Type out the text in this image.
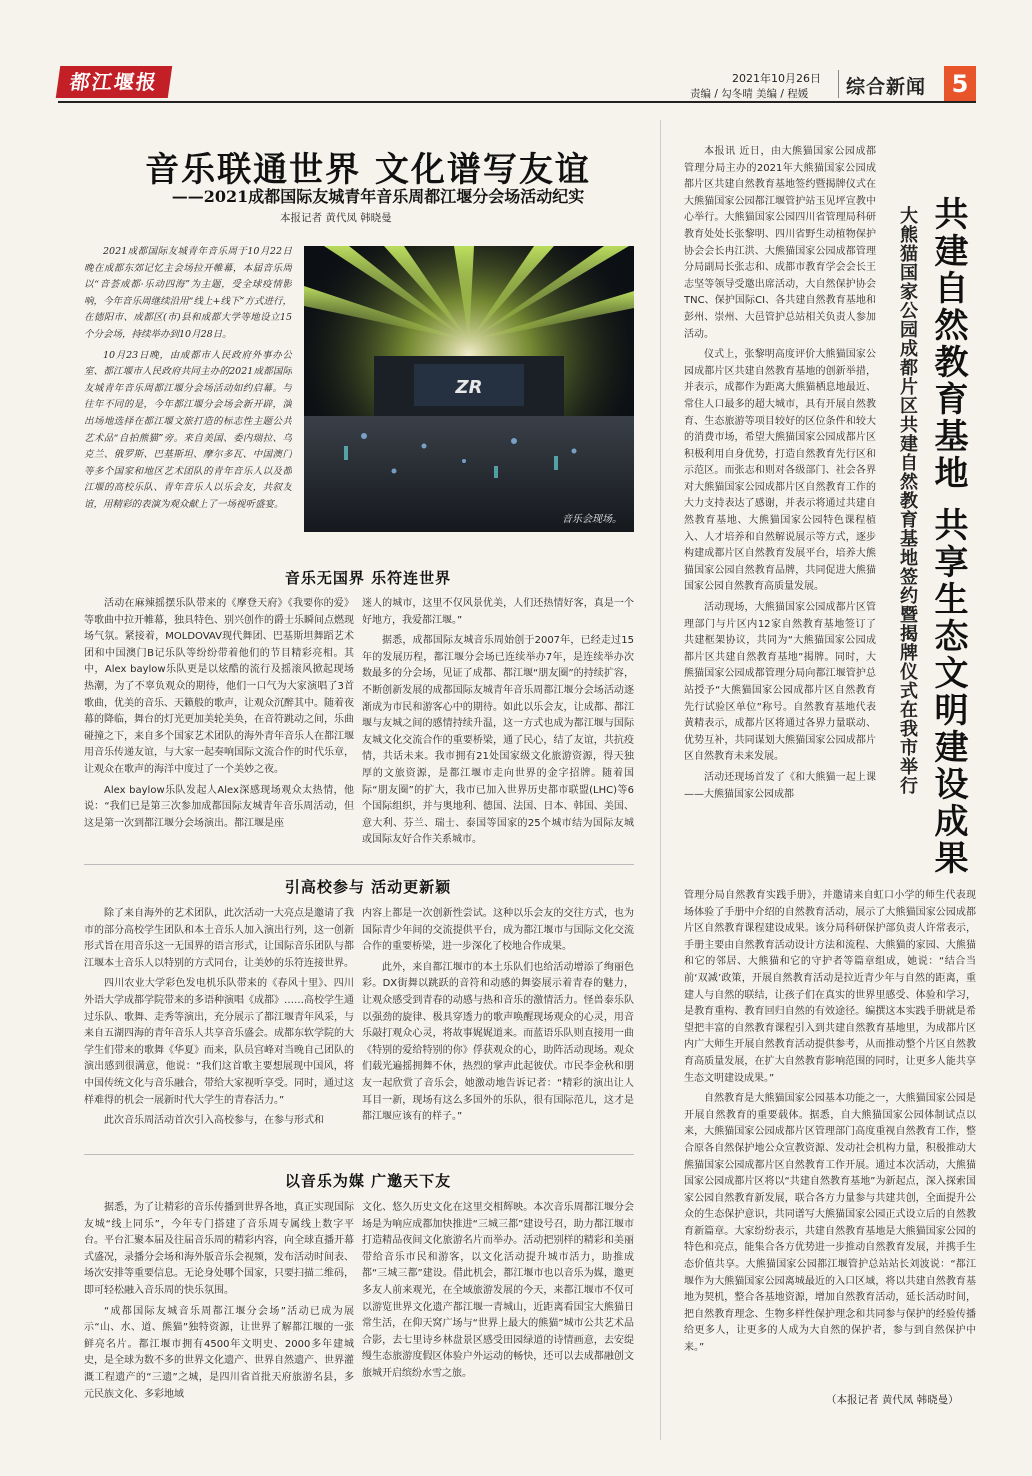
都江堰报	2021年10月26日
责编 / 勾冬晴 美编 / 程媛 综合新闻	5
音乐联通世界 文化谱写友谊
——2021成都国际友城青年音乐周都江堰分会场活动纪实
本报记者 黄代凤 韩晓曼

2021成都国际友城青年音乐周于10月22日晚在成都东郊记忆主会场拉开帷幕，本届音乐周以“音荟成都·乐动四海”为主题，受全球疫情影响，今年音乐周继续沿用“线上+线下”方式进行，在德阳市、成都区(市)县和成都大学等地设立15个分会场，持续举办到10月28日。

10月23日晚，由成都市人民政府外事办公室、都江堰市人民政府共同主办的2021成都国际友城青年音乐周都江堰分会场活动如约启幕。与往年不同的是，今年都江堰分会场会新开辟，演出场地选择在都江堰文旅打造的标志性主题公共艺术品“自拍熊猫”旁。来自美国、委内瑞拉、乌克兰、俄罗斯、巴基斯坦、摩尔多瓦、中国澳门等多个国家和地区艺术团队的青年音乐人以及都江堰的高校乐队、青年音乐人以乐会友，共叙友谊，用精彩的表演为观众献上了一场视听盛宴。

ZR
音乐会现场。
音乐无国界 乐符连世界

活动在麻辣摇摆乐队带来的《摩登天府》《我要你的爱》等歌曲中拉开帷幕，独具特色、别兴创作的爵士乐瞬间点燃现场气氛。紧接着，MOLDOVAV现代舞团、巴基斯坦舞蹈艺术团和中国澳门B记乐队等纷纷带着他们的节目精彩亮相。其中，Alex baylow乐队更是以炫酷的流行及摇滚风掀起现场热潮，为了不辜负观众的期待，他们一口气为大家演唱了3首歌曲，优美的音乐、天籁般的歌声，让观众沉醉其中。随着夜幕的降临，舞台的灯光更加美轮美奂，在音符跳动之间，乐曲碰撞之下，来自多个国家艺术团队的海外青年音乐人在都江堰用音乐传递友谊，与大家一起奏响国际文流合作的时代乐章，让观众在歌声的海洋中度过了一个美妙之夜。

Alex baylow乐队发起人Alex深感现场观众太热情，他说：“我们已是第三次参加成都国际友城青年音乐周活动，但这是第一次到都江堰分会场演出。都江堰是座

迷人的城市，这里不仅风景优美，人们还热情好客，真是一个好地方，我爱都江堰。”

据悉，成都国际友城音乐周始创于2007年，已经走过15年的发展历程，都江堰分会场已连续举办7年，是连续举办次数最多的分会场，见证了成都、都江堰“朋友圈”的持续扩容，不断创新发展的成都国际友城青年音乐周都江堰分会场活动逐渐成为市民和游客心中的期待。如此以乐会友，让成都、都江堰与友城之间的感情持续升温，这一方式也成为都江堰与国际友城文化交流合作的重要桥梁，通了民心，结了友谊，共抗疫情，共话未来。我市拥有21处国家级文化旅游资源，得天独厚的文旅资源，是都江堰市走向世界的金字招牌。随着国际“朋友圈”的扩大，我市已加入世界历史都市联盟(LHC)等6个国际组织，并与奥地利、德国、法国、日本、韩国、美国、意大利、芬兰、瑞士、泰国等国家的25个城市结为国际友城或国际友好合作关系城市。

引高校参与 活动更新颖

除了来自海外的艺术团队，此次活动一大亮点是邀请了我市的部分高校学生团队和本土音乐人加入演出行列，这一创新形式旨在用音乐这一无国界的语言形式，让国际音乐团队与都江堰本土音乐人以特别的方式同台，让美妙的乐符连接世界。

四川农业大学彩色发电机乐队带来的《春风十里》、四川外语大学成都学院带来的多语种演唱《成都》……高校学生通过乐队、歌舞、走秀等演出，充分展示了都江堰青年风采，与来自五湖四海的青年音乐人共享音乐盛会。成都东软学院的大学生们带来的歌舞《华夏》而来，队员宫峰对当晚自己团队的演出感到很满意，他说：“我们这首歌主要想展现中国风，将中国传统文化与音乐融合，带给大家视听享受。同时，通过这样难得的机会一展新时代大学生的青春活力。”

此次音乐周活动首次引入高校参与，在参与形式和

内容上都是一次创新性尝试。这种以乐会友的交往方式，也为国际青少年间的交流提供平台，成为都江堰市与国际文化交流合作的重要桥梁，进一步深化了校地合作成果。

此外，来自都江堰市的本土乐队们也给活动增添了绚丽色彩。DX街舞以跳跃的音符和动感的舞姿展示着青春的魅力，让观众感受到青春的动感与热和音乐的激情活力。怪兽泰乐队以强劲的旋律、极具穿透力的歌声唤醒现场观众的心灵，用音乐敲打观众心灵，将故事娓娓道来。而蓝语乐队则直接用一曲《特别的爱给特别的你》俘获观众的心，助阵活动现场。观众们载光遍摇拥舞不休，热烈的掌声此起彼伏。市民李金秋和朋友一起欣赏了音乐会，她激动地告诉记者：“精彩的演出让人耳目一新，现场有这么多国外的乐队，很有国际范儿，这才是都江堰应该有的样子。”

以音乐为媒 广邀天下友

据悉，为了让精彩的音乐传播到世界各地，真正实现国际友城“线上同乐”，今年专门搭建了音乐周专属线上数字平台。平台汇聚本届及往届音乐周的精彩内容，向全球直播开幕式盛况，录播分会场和海外版音乐会视频，发布活动时间表、场次安排等重要信息。无论身处哪个国家，只要扫描二维码，即可轻松融入音乐周的快乐氛围。

“成都国际友城音乐周都江堰分会场”活动已成为展示“山、水、道、熊猫”独特资源，让世界了解都江堰的一张鲜亮名片。都江堰市拥有4500年文明史、2000多年建城史，是全球为数不多的世界文化遗产、世界自然遗产、世界灌溉工程遗产的“三遗”之城，是四川省首批天府旅游名县，多元民族文化、多彩地域

文化、悠久历史文化在这里交相辉映。本次音乐周都江堰分会场是为响应成都加快推进“三城三都”建设号召，助力都江堰市打造精品夜间文化旅游名片而举办。活动把别样的精彩和美丽带给音乐市民和游客，以文化活动提升城市活力，助推成都“三城三都”建设。借此机会，都江堰市也以音乐为媒，邀更多友人前来观光，在全域旅游发展的今天，来都江堰市不仅可以游览世界文化遗产都江堰一青城山，近距离看国宝大熊猫日常生活，在仰天窝广场与“世界上最大的熊猫”城市公共艺术品合影，去七里诗乡林盘景区感受田园绿道的诗情画意，去安缇缦生态旅游度假区体验户外运动的畅快，还可以去成都融创文旅城开启缤纷水雪之旅。

共建自然教育基地 共享生态文明建设成果
大熊猫国家公园成都片区共建自然教育基地签约暨揭牌仪式在我市举行

本报讯 近日，由大熊猫国家公园成都管理分局主办的2021年大熊猫国家公园成都片区共建自然教育基地签约暨揭牌仪式在大熊猫国家公园都江堰管护站玉见坪宣教中心举行。大熊猫国家公园四川省管理局科研教育处处长张黎明、四川省野生动植物保护协会会长冉江洪、大熊猫国家公园成都管理分局副局长张志和、成都市教育学会会长王志坚等领导受邀出席活动，大自然保护协会TNC、保护国际CI、各共建自然教育基地和彭州、崇州、大邑管护总站相关负责人参加活动。

仪式上，张黎明高度评价大熊猫国家公园成都片区共建自然教育基地的创新举措，并表示，成都作为距离大熊猫栖息地最近、常住人口最多的超大城市，具有开展自然教育、生态旅游等项目较好的区位条件和较大的消费市场，希望大熊猫国家公园成都片区积极利用自身优势，打造自然教育先行区和示范区。而张志和则对各级部门、社会各界对大熊猫国家公园成都片区自然教育工作的大力支持表达了感谢，并表示将通过共建自然教育基地、大熊猫国家公园特色课程植入、人才培养和自然解说展示等方式，逐步构建成都片区自然教育发展平台，培养大熊猫国家公园自然教育品牌，共同促进大熊猫国家公园自然教育高质量发展。

活动现场，大熊猫国家公园成都片区管理部门与片区内12家自然教育基地签订了共建框架协议，共同为“大熊猫国家公园成都片区共建自然教育基地”揭牌。同时，大熊猫国家公园成都管理分局向都江堰管护总站授予“大熊猫国家公园成都片区自然教育先行试验区单位”称号。自然教育基地代表黄精表示，成都片区将通过各界力量联动、优势互补，共同谋划大熊猫国家公园成都片区自然教育未来发展。

活动还现场首发了《和大熊猫一起上课——大熊猫国家公园成都

管理分局自然教育实践手册》，并邀请来自虹口小学的师生代表现场体验了手册中介绍的自然教育活动，展示了大熊猫国家公园成都片区自然教育课程建设成果。该分局科研保护部负责人许常表示，手册主要由自然教育活动设计方法和流程、大熊猫的家园、大熊猫和它的邻居、大熊猫和它的守护者等篇章组成，她说：“结合当前‘双减’政策，开展自然教育活动是拉近青少年与自然的距离，重建人与自然的联结，让孩子们在真实的世界里感受、体验和学习，是教育重构、教育回归自然的有效途径。编撰这本实践手册就是希望把丰富的自然教育课程引入到共建自然教育基地里，为成都片区内广大师生开展自然教育活动提供参考，从而推动整个片区自然教育高质量发展，在扩大自然教育影响范围的同时，让更多人能共享生态文明建设成果。”

自然教育是大熊猫国家公园基本功能之一，大熊猫国家公园是开展自然教育的重要载体。据悉，自大熊猫国家公园体制试点以来，大熊猫国家公园成都片区管理部门高度重视自然教育工作，整合原各自然保护地公众宣教资源、发动社会机构力量，积极推动大熊猫国家公园成都片区自然教育工作开展。通过本次活动，大熊猫国家公园成都片区将以“共建自然教育基地”为新起点，深入探索国家公园自然教育新发展，联合各方力量参与共建共创，全面提升公众的生态保护意识，共同谱写大熊猫国家公园正式设立后的自然教育新篇章。大家纷纷表示，共建自然教育基地是大熊猫国家公园的特色和亮点，能集合各方优势进一步推动自然教育发展，并携手生态价值共享。大熊猫国家公园都江堰管护总站站长刘波说：“都江堰作为大熊猫国家公园离城最近的入口区域，将以共建自然教育基地为契机，整合各基地资源，增加自然教育活动，延长活动时间，把自然教育理念、生物多样性保护理念和共同参与保护的经验传播给更多人，让更多的人成为大自然的保护者，参与到自然保护中来。”

（本报记者 黄代凤 韩晓曼）
